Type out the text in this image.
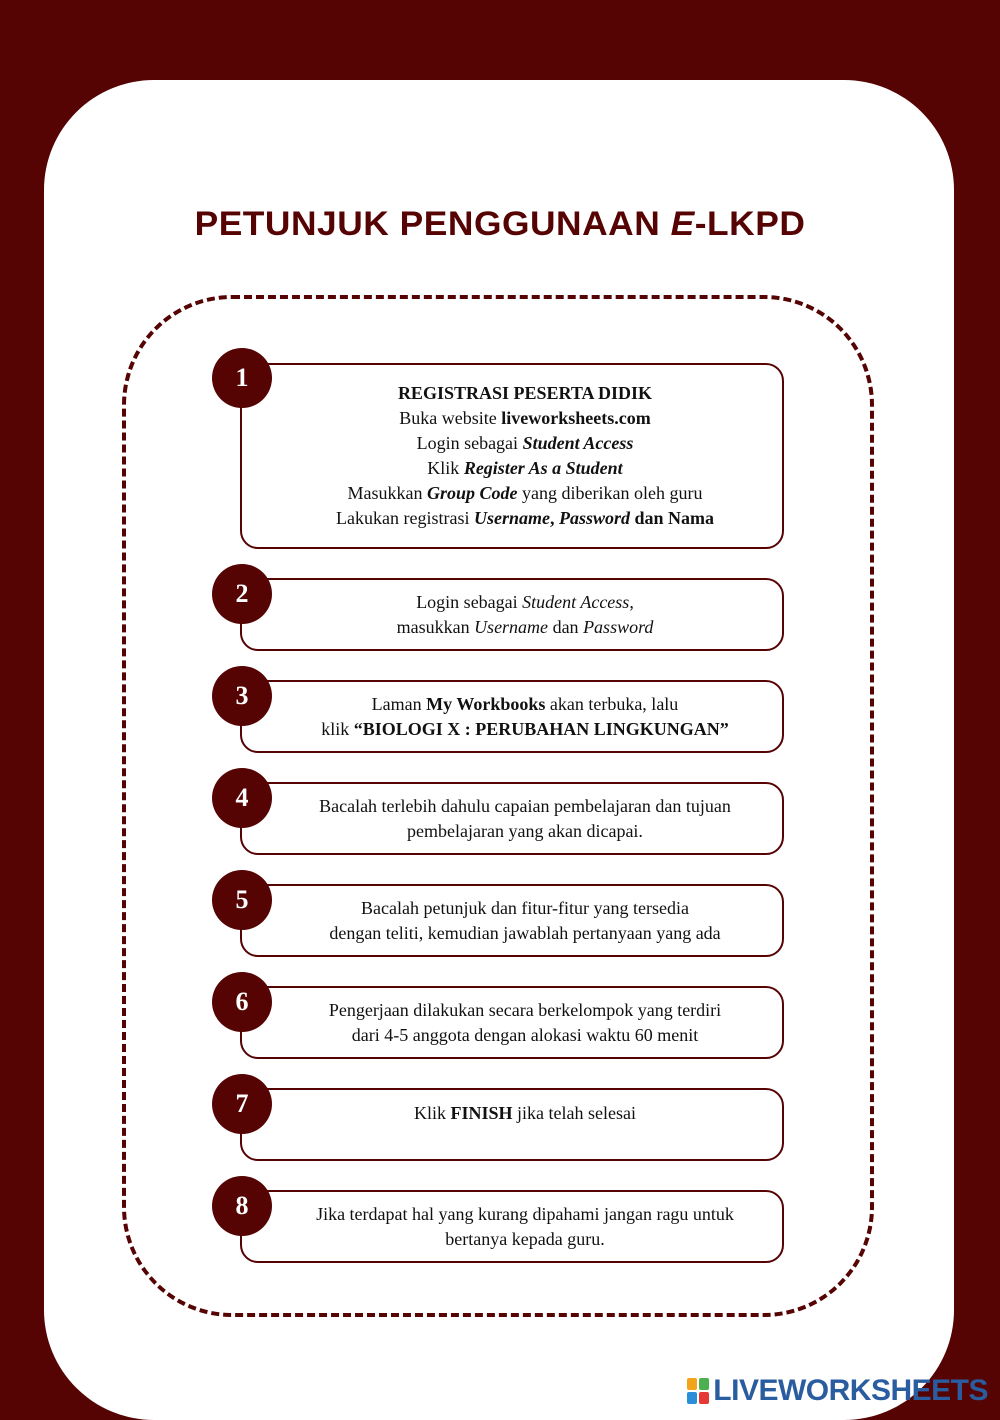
PETUNJUK PENGGUNAAN E-LKPD
REGISTRASI PESERTA DIDIK
Buka website liveworksheets.com
Login sebagai Student Access
Klik Register As a Student
Masukkan Group Code yang diberikan oleh guru
Lakukan registrasi Username, Password dan Nama
1
Login sebagai Student Access,
masukkan Username dan Password
2
Laman My Workbooks akan terbuka, lalu
klik “BIOLOGI X : PERUBAHAN LINGKUNGAN”
3
Bacalah terlebih dahulu capaian pembelajaran dan tujuan
pembelajaran yang akan dicapai.
4
Bacalah petunjuk dan fitur-fitur yang tersedia
dengan teliti, kemudian jawablah pertanyaan yang ada
5
Pengerjaan dilakukan secara berkelompok yang terdiri
dari 4-5 anggota dengan alokasi waktu 60 menit
6
Klik FINISH jika telah selesai
7
Jika terdapat hal yang kurang dipahami jangan ragu untuk
bertanya kepada guru.
8
LIVEWORKSHEETS
